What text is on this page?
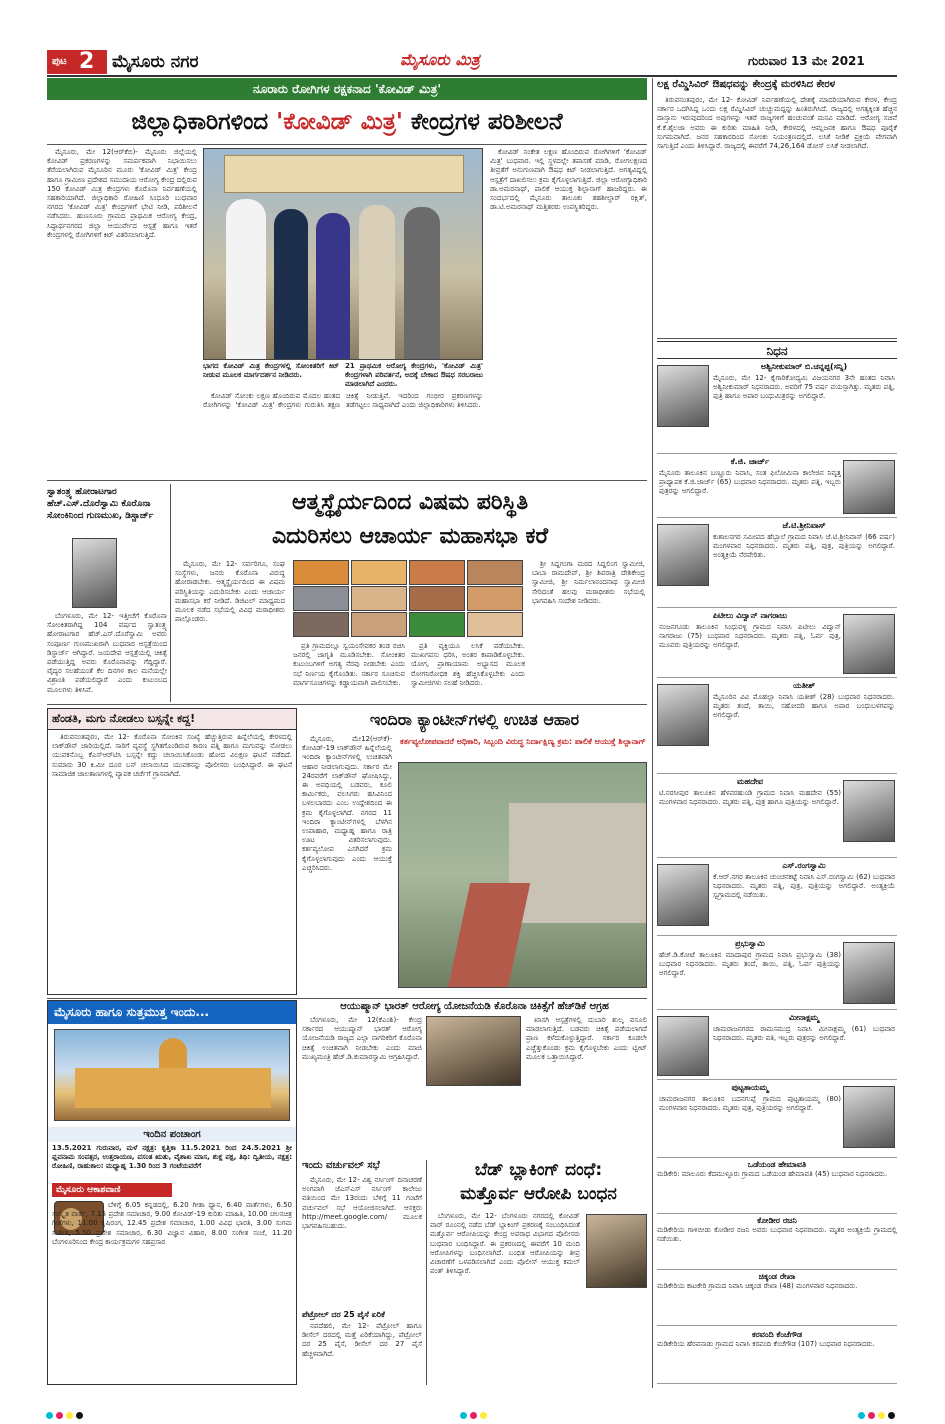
ಪುಟ 2 ಮೈಸೂರು ನಗರ	ಮೈಸೂರು ಮಿತ್ರ	ಗುರುವಾರ 13 ಮೇ 2021
ನೂರಾರು ರೋಗಿಗಳ ರಕ್ಷಕನಾದ 'ಕೋವಿಡ್ ಮಿತ್ರ'
ಜಿಲ್ಲಾಧಿಕಾರಿಗಳಿಂದ 'ಕೋವಿಡ್ ಮಿತ್ರ' ಕೇಂದ್ರಗಳ ಪರಿಶೀಲನೆ

ಮೈಸೂರು, ಮೇ 12(ಆರ್‌ಕೆಬಿ)- ಮೈಸೂರು ಜಿಲ್ಲೆಯಲ್ಲಿ ಕೋವಿಡ್ ಪ್ರಕರಣಗಳನ್ನು ಸಮರ್ಪಕವಾಗಿ ನಿಭಾಯಿಸಲು ತೆರೆಯಲಾಗಿರುವ ಮೈಸೂರಿನ ಮೂರು 'ಕೋವಿಡ್ ಮಿತ್ರ' ಕೇಂದ್ರ ಹಾಗೂ ಗ್ರಾಮೀಣ ಪ್ರದೇಶದ ಸಮುದಾಯ ಆರೋಗ್ಯ ಕೇಂದ್ರ ದಲ್ಲಿರುವ 150 ಕೋವಿಡ್ ಮಿತ್ರ ಕೇಂದ್ರಗಳು ಕೊರೊನಾ ನಿರ್ವಹಣೆಯಲ್ಲಿ ಸಹಕಾರಿಯಾಗಿದೆ. ಜಿಲ್ಲಾಧಿಕಾರಿ ರೋಹಿಣಿ ಸಿಂಧೂರಿ ಬುಧವಾರ ನಗರದ 'ಕೋವಿಡ್ ಮಿತ್ರ' ಕೇಂದ್ರಗಳಿಗೆ ಭೇಟಿ ನೀಡಿ, ಪರಿಶೀಲನೆ ನಡೆಸಿದರು. ಹುಣಸೂರು ಗ್ರಾಮದ ಪ್ರಾಥಮಿಕ ಆರೋಗ್ಯ ಕೇಂದ್ರ, ಸಿದ್ಧಾರ್ಥನಗರದ ಜಿಲ್ಲಾ ಆಯುರ್ವೇದ ಆಸ್ಪತ್ರೆ ಹಾಗೂ ಇತರೆ ಕೇಂದ್ರಗಳಲ್ಲಿ ರೋಗಿಗಳಿಗೆ ಕಿಟ್ ವಿತರಿಸಲಾಗುತ್ತಿದೆ.

ಭಾಗದ ಕೋವಿಡ್ ಮಿತ್ರ ಕೇಂದ್ರಗಳಲ್ಲಿ ಸೋಂಕಿತರಿಗೆ ಕಿಟ್ ನೀಡುವ ಮೂಲಕ ಮಾರ್ಗದರ್ಶನ ನೀಡಿದರು.

21 ಪ್ರಾಥಮಿಕ ಆರೋಗ್ಯ ಕೇಂದ್ರಗಳು, 'ಕೋವಿಡ್ ಮಿತ್ರ' ಕೇಂದ್ರಗಳಾಗಿ ಪರಿವರ್ತನೆ, ಅದಕ್ಕೆ ಬೇಕಾದ ಔಷಧ ಸರಬರಾಜು ಮಾಡಲಾಗಿದೆ ಎಂದರು.

ಕೋವಿಡ್ ಸೋಂಕು ಲಕ್ಷಣ ಹೊಂದಿರುವ ಮೊದಲ ಹಂತದ ರೋಗಿಗಳನ್ನು 'ಕೋವಿಡ್ ಮಿತ್ರ' ಕೇಂದ್ರಗಳು ಗುರುತಿಸಿ ತಕ್ಷಣ ಚಿಕಿತ್ಸೆ ನೀಡುತ್ತಿವೆ. ಇದರಿಂದ ಗಂಭೀರ ಪ್ರಕರಣಗಳನ್ನು ತಡೆಗಟ್ಟಲು ಸಾಧ್ಯವಾಗಿದೆ ಎಂದು ಜಿಲ್ಲಾಧಿಕಾರಿಗಳು ತಿಳಿಸಿದರು.

ಕೋವಿಡ್ ಸಂಕೇತ ಲಕ್ಷಣ ಹೊಂದಿರುವ ರೋಗಿಗಳಿಗೆ 'ಕೋವಿಡ್ ಮಿತ್ರ' ಬುಧವಾರ. ಇಲ್ಲಿ ಸ್ಥಳದಲ್ಲೇ ತಪಾಸಣೆ ಮಾಡಿ, ರೋಗಲಕ್ಷಣದ ತೀವ್ರತೆಗೆ ಅನುಗುಣವಾಗಿ ಔಷಧ ಕಿಟ್ ನೀಡಲಾಗುತ್ತಿದೆ. ಅಗತ್ಯವಿದ್ದಲ್ಲಿ ಆಸ್ಪತ್ರೆಗೆ ದಾಖಲಿಸಲು ಕ್ರಮ ಕೈಗೊಳ್ಳಲಾಗುತ್ತಿದೆ. ಜಿಲ್ಲಾ ಆರೋಗ್ಯಾಧಿಕಾರಿ ಡಾ.ಅಮರನಾಥ್, ಪಾಲಿಕೆ ಆಯುಕ್ತ ಶಿಲ್ಪಾನಾಗ್ ಹಾಜರಿದ್ದರು. ಈ ಸಂದರ್ಭದಲ್ಲಿ ಮೈಸೂರು ತಾಲೂಕು ತಹಶೀಲ್ದಾರ್ ರಕ್ಷಿತ್, ಡಾ.ಟಿ.ಅಮರನಾಥ್ ಮತ್ತಿತರರು ಉಪಸ್ಥಿತರಿದ್ದರು.

ಲಕ್ಷ ರೆಮ್ಡಿಸಿವಿರ್ ಔಷಧವನ್ನು ಕೇಂದ್ರಕ್ಕೆ ಮರಳಿಸಿದ ಕೇರಳ

ತಿರುವನಂತಪುರಂ, ಮೇ 12- ಕೋವಿಡ್ ನಿರ್ವಹಣೆಯಲ್ಲಿ ದೇಶಕ್ಕೆ ಮಾದರಿಯಾಗಿರುವ ಕೇರಳ, ಕೇಂದ್ರ ಸರ್ಕಾರ ಒದಗಿಸಿದ್ದ ಒಂದು ಲಕ್ಷ ರೆಮ್ಡಿಸಿವಿರ್ ಚುಚ್ಚುಮದ್ದನ್ನು ಹಿಂತಿರುಗಿಸಿದೆ. ರಾಜ್ಯದಲ್ಲಿ ಅಗತ್ಯಕ್ಕಿಂತ ಹೆಚ್ಚಿನ ದಾಸ್ತಾನು ಇರುವುದರಿಂದ ಅವುಗಳನ್ನು ಇತರೆ ರಾಜ್ಯಗಳಿಗೆ ಹಂಚುವಂತೆ ಮನವಿ ಮಾಡಿದೆ. ಆರೋಗ್ಯ ಸಚಿವೆ ಕೆ.ಕೆ.ಶೈಲಜಾ ಅವರು ಈ ಕುರಿತು ಮಾಹಿತಿ ನೀಡಿ, ಕೇರಳದಲ್ಲಿ ಆಮ್ಲಜನಕ ಹಾಗೂ ಔಷಧ ಪೂರೈಕೆ ಸುಗಮವಾಗಿದೆ. ಜನರ ಸಹಕಾರದಿಂದ ಸೋಂಕು ನಿಯಂತ್ರಣದಲ್ಲಿದೆ. ಲಸಿಕೆ ನೀಡಿಕೆ ಪ್ರಕ್ರಿಯೆ ವೇಗವಾಗಿ ಸಾಗುತ್ತಿದೆ ಎಂದು ತಿಳಿಸಿದ್ದಾರೆ. ರಾಜ್ಯದಲ್ಲಿ ಈವರೆಗೆ 74,26,164 ಡೋಸ್ ಲಸಿಕೆ ನೀಡಲಾಗಿದೆ.

ನಿಧನ
ಅಶ್ವಿನೀಕುಮಾರ್ ಬಿ.ಚನ್ನಪ್ಪ(ಸನ್ನಿ)
ಮೈಸೂರು, ಮೇ 12- ಕೈಗಾರಿಕೋದ್ಯಮಿ ವಿಜಯನಗರ 3ನೇ ಹಂತದ ನಿವಾಸಿ ಅಶ್ವಿನೀಕುಮಾರ್ ನಿಧನರಾದರು. ಅವರಿಗೆ 75 ವರ್ಷ ವಯಸ್ಸಾಗಿತ್ತು. ಮೃತರು ಪತ್ನಿ, ಪುತ್ರಿ ಹಾಗೂ ಅಪಾರ ಬಂಧುಮಿತ್ರರನ್ನು ಅಗಲಿದ್ದಾರೆ.
ಕೆ.ಜಿ. ಜಾರ್ಜ್
ಮೈಸೂರು ತಾಲೂಕಿನ ಬಣ್ಣೂರು ನಿವಾಸಿ, ಸಂತ ಫಿಲೋಮಿನಾ ಕಾಲೇಜಿನ ನಿವೃತ್ತ ಪ್ರಾಧ್ಯಾಪಕ ಕೆ.ಜಿ.ಜಾರ್ಜ್ (65) ಬುಧವಾರ ನಿಧನರಾದರು. ಮೃತರು ಪತ್ನಿ, ಇಬ್ಬರು ಪುತ್ರರನ್ನು ಅಗಲಿದ್ದಾರೆ.
ಜೆ.ಟಿ.ಶ್ರೀನಿವಾಸ್
ಕುಶಾಲನಗರ ಸಮೀಪದ ಹೆಬ್ಬಾಲೆ ಗ್ರಾಮದ ನಿವಾಸಿ ಜೆ.ಟಿ.ಶ್ರೀನಿವಾಸ್ (66 ವರ್ಷ) ಮಂಗಳವಾರ ನಿಧನರಾದರು. ಮೃತರು ಪತ್ನಿ, ಪುತ್ರ, ಪುತ್ರಿಯನ್ನು ಅಗಲಿದ್ದಾರೆ. ಅಂತ್ಯಕ್ರಿಯೆ ನೆರವೇರಿತು.
ಪಿಟೀಲು ವಿದ್ವಾನ್ ನಾಗರಾಜು
ನಂಜನಗೂಡು ತಾಲೂಕಿನ ಸಿಂಧುವಳ್ಳಿ ಗ್ರಾಮದ ನಿವಾಸಿ ಪಿಟೀಲು ವಿದ್ವಾನ್ ನಾಗರಾಜು (75) ಬುಧವಾರ ನಿಧನರಾದರು. ಮೃತರು ಪತ್ನಿ, ಓರ್ವ ಪುತ್ರ, ಮೂವರು ಪುತ್ರಿಯರನ್ನು ಅಗಲಿದ್ದಾರೆ.
ಯತೀಶ್
ಮೈಸೂರಿನ ವಿವಿ ಮೊಹಲ್ಲಾ ನಿವಾಸಿ ಯತೀಶ್ (28) ಬುಧವಾರ ನಿಧನರಾದರು. ಮೃತರು ತಂದೆ, ತಾಯಿ, ಸಹೋದರಿ ಹಾಗೂ ಅಪಾರ ಬಂಧುಬಳಗವನ್ನು ಅಗಲಿದ್ದಾರೆ.
ಮಹದೇವ
ಟಿ.ನರಸೀಪುರ ತಾಲೂಕಿನ ಹೆಳವರಹುಂಡಿ ಗ್ರಾಮದ ನಿವಾಸಿ ಮಹದೇವ (55) ಮಂಗಳವಾರ ನಿಧನರಾದರು. ಮೃತರು ಪತ್ನಿ, ಪುತ್ರ ಹಾಗೂ ಪುತ್ರಿಯನ್ನು ಅಗಲಿದ್ದಾರೆ.
ಎಸ್.ರಂಗಸ್ವಾಮಿ
ಕೆ.ಆರ್.ನಗರ ತಾಲೂಕಿನ ಚುಂಚನಕಟ್ಟೆ ನಿವಾಸಿ ಎಸ್.ರಂಗಸ್ವಾಮಿ (62) ಬುಧವಾರ ನಿಧನರಾದರು. ಮೃತರು ಪತ್ನಿ, ಪುತ್ರ, ಪುತ್ರಿಯನ್ನು ಅಗಲಿದ್ದಾರೆ. ಅಂತ್ಯಕ್ರಿಯೆ ಸ್ವಗ್ರಾಮದಲ್ಲಿ ನಡೆಯಿತು.
ಪ್ರಭುಸ್ವಾಮಿ
ಹೆಚ್.ಡಿ.ಕೋಟೆ ತಾಲೂಕಿನ ಮಾದಾಪುರ ಗ್ರಾಮದ ನಿವಾಸಿ ಪ್ರಭುಸ್ವಾಮಿ (38) ಬುಧವಾರ ನಿಧನರಾದರು. ಮೃತರು ತಂದೆ, ತಾಯಿ, ಪತ್ನಿ, ಓರ್ವ ಪುತ್ರಿಯನ್ನು ಅಗಲಿದ್ದಾರೆ.
ಮೀನಾಕ್ಷಮ್ಮ
ಚಾಮರಾಜನಗರದ ರಾಮಸಮುದ್ರ ನಿವಾಸಿ ಮೀನಾಕ್ಷಮ್ಮ (61) ಬುಧವಾರ ನಿಧನರಾದರು. ಮೃತರು ಪತಿ, ಇಬ್ಬರು ಪುತ್ರರನ್ನು ಅಗಲಿದ್ದಾರೆ.
ಪುಟ್ಟತಾಯಮ್ಮ
ಚಾಮರಾಜನಗರ ತಾಲೂಕಿನ ಬದನಗುಪ್ಪೆ ಗ್ರಾಮದ ಪುಟ್ಟತಾಯಮ್ಮ (80) ಮಂಗಳವಾರ ನಿಧನರಾದರು. ಮೃತರು ಪುತ್ರ, ಪುತ್ರಿಯರನ್ನು ಅಗಲಿದ್ದಾರೆ.
ಒಡೆಯಂಡ ಹೇಮಾವತಿ
ಮಡಿಕೇರಿ: ಮಾಲೂರು ಕೆದಮುಳ್ಳೂರು ಗ್ರಾಮದ ಒಡೆಯಂಡ ಹೇಮಾವತಿ (45) ಬುಧವಾರ ನಿಧನರಾದರು.
ಕೋಡೀರ ರಜನಿ
ಮಡಿಕೇರಿಯ ಗಾಳಿಬೀಡು ಕೋಡೀರ ರಜನಿ ಅವರು ಬುಧವಾರ ನಿಧನರಾದರು. ಮೃತರ ಅಂತ್ಯಕ್ರಿಯೆ ಗ್ರಾಮದಲ್ಲಿ ನಡೆಯಿತು.
ಚಿಕ್ಕಂಡ ರೇಖಾ
ಮಡಿಕೇರಿಯ ಕಾಟಕೇರಿ ಗ್ರಾಮದ ನಿವಾಸಿ ಚಿಕ್ಕಂಡ ರೇಖಾ (48) ಮಂಗಳವಾರ ನಿಧನರಾದರು.
ಕರವಂದಿ ಕೆಂಚೆಗೌಡ
ಮಡಿಕೇರಿಯ ಹೆರವನಾಡು ಗ್ರಾಮದ ನಿವಾಸಿ ಕರವಂದಿ ಕೆಂಚೆಗೌಡ (107) ಬುಧವಾರ ನಿಧನರಾದರು.
ಸ್ವಾತಂತ್ರ್ಯ ಹೋರಾಟಗಾರ ಹೆಚ್.ಎಸ್.ದೊರೆಸ್ವಾಮಿ ಕೊರೊನಾ ಸೋಂಕಿನಿಂದ ಗುಣಮುಖ, ಡಿಸ್ಚಾರ್ಜ್

ಬೆಂಗಳೂರು, ಮೇ 12- ಇತ್ತೀಚೆಗೆ ಕೊರೊನಾ ಸೋಂಕಿತರಾಗಿದ್ದ 104 ವರ್ಷದ ಸ್ವಾತಂತ್ರ್ಯ ಹೋರಾಟಗಾರ ಹೆಚ್.ಎಸ್.ದೊರೆಸ್ವಾಮಿ ಅವರು ಸಂಪೂರ್ಣ ಗುಣಮುಖರಾಗಿ ಬುಧವಾರ ಆಸ್ಪತ್ರೆಯಿಂದ ಡಿಸ್ಚಾರ್ಜ್ ಆಗಿದ್ದಾರೆ. ಜಯದೇವ ಆಸ್ಪತ್ರೆಯಲ್ಲಿ ಚಿಕಿತ್ಸೆ ಪಡೆಯುತ್ತಿದ್ದ ಅವರು ಕೊರೊನಾವನ್ನು ಗೆದ್ದಿದ್ದಾರೆ. ವೈದ್ಯರ ಸಲಹೆಯಂತೆ ಕೆಲ ದಿನಗಳ ಕಾಲ ಮನೆಯಲ್ಲೇ ವಿಶ್ರಾಂತಿ ಪಡೆಯಲಿದ್ದಾರೆ ಎಂದು ಕುಟುಂಬದ ಮೂಲಗಳು ತಿಳಿಸಿವೆ.

ಆತ್ಮಸ್ಥೈರ್ಯದಿಂದ ವಿಷಮ ಪರಿಸ್ಥಿತಿ
ಎದುರಿಸಲು ಆಚಾರ್ಯ ಮಹಾಸಭಾ ಕರೆ

ಮೈಸೂರು, ಮೇ 12- ಸರ್ವರಿಗೂ, ಸಂಘ ಸಂಸ್ಥೆಗಳು, ಜನರು ಕೊರೊನಾ ವಿರುದ್ಧ ಹೋರಾಡಬೇಕು. ಆತ್ಮಸ್ಥೈರ್ಯದಿಂದ ಈ ವಿಷಮ ಪರಿಸ್ಥಿತಿಯನ್ನು ಎದುರಿಸಬೇಕು ಎಂದು ಆಚಾರ್ಯ ಮಹಾಸಭಾ ಕರೆ ನೀಡಿದೆ. ಡಿಜಿಟಲ್ ಮಾಧ್ಯಮದ ಮೂಲಕ ನಡೆದ ಸಭೆಯಲ್ಲಿ ವಿವಿಧ ಮಠಾಧೀಶರು ಪಾಲ್ಗೊಂಡರು.

ಪ್ರತಿ ಗ್ರಾಮದಲ್ಲೂ ಸ್ವಯಂಸೇವಕರ ತಂಡ ರಚಿಸಿ ಜನರಲ್ಲಿ ಜಾಗೃತಿ ಮೂಡಿಸಬೇಕು. ಸೋಂಕಿತರ ಕುಟುಂಬಗಳಿಗೆ ಅಗತ್ಯ ನೆರವು ನೀಡಬೇಕು ಎಂದು ಸಭೆ ನಿರ್ಣಯ ಕೈಗೊಂಡಿತು. ಸರ್ಕಾರ ಸೂಚಿಸುವ ಮಾರ್ಗಸೂಚಿಗಳನ್ನು ಕಡ್ಡಾಯವಾಗಿ ಪಾಲಿಸಬೇಕು.

ಪ್ರತಿ ವ್ಯಕ್ತಿಯೂ ಲಸಿಕೆ ಪಡೆಯಬೇಕು. ಮುಖಗವಸು ಧರಿಸಿ, ಅಂತರ ಕಾಪಾಡಿಕೊಳ್ಳಬೇಕು. ಯೋಗ, ಪ್ರಾಣಾಯಾಮ ಅಭ್ಯಾಸದ ಮೂಲಕ ರೋಗನಿರೋಧಕ ಶಕ್ತಿ ಹೆಚ್ಚಿಸಿಕೊಳ್ಳಬೇಕು ಎಂದು ಸ್ವಾಮೀಜಿಗಳು ಸಲಹೆ ನೀಡಿದರು.

ಶ್ರೀ ಸಿದ್ದಗಂಗಾ ಮಠದ ಸಿದ್ದಲಿಂಗ ಸ್ವಾಮೀಜಿ, ಬಾಬಾ ರಾಮದೇವ್, ಶ್ರೀ ಶಿವರಾತ್ರಿ ದೇಶಿಕೇಂದ್ರ ಸ್ವಾಮೀಜಿ, ಶ್ರೀ ನಿರ್ಮಲಾನಂದನಾಥ ಸ್ವಾಮೀಜಿ ಸೇರಿದಂತೆ ಹಲವು ಮಠಾಧೀಶರು ಸಭೆಯಲ್ಲಿ ಭಾಗವಹಿಸಿ ಸಂದೇಶ ನೀಡಿದರು.

ಹೆಂಡತಿ, ಮಗು ನೋಡಲು ಬಸ್ಸನ್ನೇ ಕದ್ದ!

ತಿರುವನಂತಪುರಂ, ಮೇ 12- ಕೊರೊನಾ ಸೋಂಕಿನ ಸಂಖ್ಯೆ ಹೆಚ್ಚುತ್ತಿರುವ ಹಿನ್ನೆಲೆಯಲ್ಲಿ ಕೇರಳದಲ್ಲಿ ಲಾಕ್‌ಡೌನ್ ಜಾರಿಯಲ್ಲಿದೆ. ಸಾರಿಗೆ ವ್ಯವಸ್ಥೆ ಸ್ಥಗಿತಗೊಂಡಿರುವ ಕಾರಣ ಪತ್ನಿ ಹಾಗೂ ಮಗುವನ್ನು ನೋಡಲು ಯುವಕನೊಬ್ಬ ಕೆಎಸ್‌ಆರ್‌ಟಿಸಿ ಬಸ್ಸನ್ನೇ ಕದ್ದು ಚಲಾಯಿಸಿಕೊಂಡು ಹೋದ ವಿಲಕ್ಷಣ ಘಟನೆ ನಡೆದಿದೆ. ಸುಮಾರು 30 ಕಿ.ಮೀ ದೂರ ಬಸ್ ಚಲಾಯಿಸಿದ ಯುವಕನನ್ನು ಪೊಲೀಸರು ಬಂಧಿಸಿದ್ದಾರೆ. ಈ ಘಟನೆ ಸಾಮಾಜಿಕ ಜಾಲತಾಣಗಳಲ್ಲಿ ವ್ಯಾಪಕ ಚರ್ಚೆಗೆ ಗ್ರಾಸವಾಗಿದೆ.

ಇಂದಿರಾ ಕ್ಯಾಂಟೀನ್‌ಗಳಲ್ಲಿ ಉಚಿತ ಆಹಾರ

ಮೈಸೂರು, ಮೇ12(ಆರ್‌ಕೆ)- ಕೋವಿಡ್-19 ಲಾಕ್‌ಡೌನ್ ಹಿನ್ನೆಲೆಯಲ್ಲಿ ಇಂದಿರಾ ಕ್ಯಾಂಟೀನ್‌ಗಳಲ್ಲಿ ಉಚಿತವಾಗಿ ಆಹಾರ ನೀಡಲಾಗುವುದು. ಸರ್ಕಾರ ಮೇ 24ರವರೆಗೆ ಲಾಕ್‌ಡೌನ್ ಘೋಷಿಸಿದ್ದು, ಈ ಅವಧಿಯಲ್ಲಿ ಬಡವರು, ಕೂಲಿ ಕಾರ್ಮಿಕರು, ವಲಸಿಗರು ಹಸಿವಿನಿಂದ ಬಳಲಬಾರದು ಎಂಬ ಉದ್ದೇಶದಿಂದ ಈ ಕ್ರಮ ಕೈಗೊಳ್ಳಲಾಗಿದೆ. ನಗರದ 11 ಇಂದಿರಾ ಕ್ಯಾಂಟೀನ್‌ಗಳಲ್ಲಿ ಬೆಳಗಿನ ಉಪಾಹಾರ, ಮಧ್ಯಾಹ್ನ ಹಾಗೂ ರಾತ್ರಿ ಊಟ ವಿತರಿಸಲಾಗುವುದು. ಕರ್ತವ್ಯಲೋಪ ಎಸಗಿದರೆ ಕ್ರಮ ಕೈಗೊಳ್ಳಲಾಗುವುದು ಎಂದು ಆಯುಕ್ತೆ ಎಚ್ಚರಿಸಿದರು.

ಕರ್ತವ್ಯಲೋಪವಾದರೆ ಅಧಿಕಾರಿ, ಸಿಬ್ಬಂದಿ ವಿರುದ್ಧ ನಿರ್ದಾಕ್ಷಿಣ್ಯ ಕ್ರಮ: ಪಾಲಿಕೆ ಆಯುಕ್ತೆ ಶಿಲ್ಪಾನಾಗ್
ಆಯುಷ್ಮಾನ್ ಭಾರತ್ ಆರೋಗ್ಯ ಯೋಜನೆಯಡಿ ಕೊರೊನಾ ಚಿಕಿತ್ಸೆಗೆ ಹೆಚ್‌ಡಿಕೆ ಆಗ್ರಹ

ಬೆಂಗಳೂರು, ಮೇ 12(ಕೆಎಂಶಿ)- ಕೇಂದ್ರ ಸರ್ಕಾರದ ಆಯುಷ್ಮಾನ್ ಭಾರತ್ ಆರೋಗ್ಯ ಯೋಜನೆಯಡಿ ರಾಜ್ಯದ ಎಲ್ಲಾ ನಾಗರಿಕರಿಗೆ ಕೊರೊನಾ ಚಿಕಿತ್ಸೆ ಉಚಿತವಾಗಿ ನೀಡಬೇಕು ಎಂದು ಮಾಜಿ ಮುಖ್ಯಮಂತ್ರಿ ಹೆಚ್.ಡಿ.ಕುಮಾರಸ್ವಾಮಿ ಆಗ್ರಹಿಸಿದ್ದಾರೆ.

ಖಾಸಗಿ ಆಸ್ಪತ್ರೆಗಳಲ್ಲಿ ದುಬಾರಿ ಶುಲ್ಕ ವಸೂಲಿ ಮಾಡಲಾಗುತ್ತಿದೆ. ಬಡವರು ಚಿಕಿತ್ಸೆ ಪಡೆಯಲಾಗದೆ ಪ್ರಾಣ ಕಳೆದುಕೊಳ್ಳುತ್ತಿದ್ದಾರೆ. ಸರ್ಕಾರ ಕೂಡಲೇ ಎಚ್ಚೆತ್ತುಕೊಂಡು ಕ್ರಮ ಕೈಗೊಳ್ಳಬೇಕು ಎಂದು ಟ್ವೀಟ್ ಮೂಲಕ ಒತ್ತಾಯಿಸಿದ್ದಾರೆ.

ಮೈಸೂರು ಹಾಗೂ ಸುತ್ತಮುತ್ತ ಇಂದು...
ಇಂದಿನ ಪಂಚಾಂಗ

13.5.2021 ಗುರುವಾರ, ಮಳೆ ನಕ್ಷತ್ರ: ಕೃತ್ತಿಕಾ 11.5.2021 ರಿಂದ 24.5.2021 ಶ್ರೀ ಪ್ಲವನಾಮ ಸಂವತ್ಸರ, ಉತ್ತರಾಯಣ, ವಸಂತ ಋತು, ವೈಶಾಖ ಮಾಸ, ಶುಕ್ಲ ಪಕ್ಷ, ತಿಥಿ: ದ್ವಿತೀಯ, ನಕ್ಷತ್ರ: ರೋಹಿಣಿ, ರಾಹುಕಾಲ: ಮಧ್ಯಾಹ್ನ 1.30 ರಿಂದ 3 ಗಂಟೆಯವರೆಗೆ

ಮೈಸೂರು ಆಕಾಶವಾಣಿ

ಬೆಳಿಗ್ಗೆ 6.05 ಕನ್ನಡದಲ್ಲಿ, 6.20 ಗೀತಾ ಧ್ಯಾನ, 6.40 ವಾರ್ತೆಗಳು, 6.50 ಸಂಸ್ಕೃತ ವಾರ್ತೆ, 7.15 ಪ್ರದೇಶ ಸಮಾಚಾರ, 9.00 ಕೋವಿಡ್-19 ಕುರಿತು ಮಾಹಿತಿ, 10.00 ಚಲನಚಿತ್ರ ಗೀತೆಗಳು, 11.00 ಕೃಷಿರಂಗ, 12.45 ಪ್ರದೇಶ ಸಮಾಚಾರ, 1.00 ವಿವಿಧ ಭಾರತಿ, 3.00 ಸುಗಮ ಸಂಗೀತ, 5.50 ಪ್ರದೇಶ ಸಮಾಚಾರ, 6.30 ವಿಜ್ಞಾನ ವಿಹಾರ, 8.00 ಸಂಗೀತ ಸಂಜೆ, 11.20 ಬೆಂಗಳೂರಿನಿಂದ ಕೇಂದ್ರ ಕಾರ್ಯಕ್ರಮಗಳ ಸಹಪ್ರಸಾರ

ಇಂದು ವರ್ಚುವಲ್ ಸಭೆ

ಮೈಸೂರು, ಮೇ 12- ವಿಶ್ವ ನರ್ಸಿಂಗ್ ದಿನಾಚರಣೆ ಅಂಗವಾಗಿ ಜೆಎಸ್‌ಎಸ್ ನರ್ಸಿಂಗ್ ಕಾಲೇಜು ವತಿಯಿಂದ ಮೇ 13ರಂದು ಬೆಳಿಗ್ಗೆ 11 ಗಂಟೆಗೆ ವರ್ಚುವಲ್ ಸಭೆ ಆಯೋಜಿಸಲಾಗಿದೆ. ಆಸಕ್ತರು http://meet.google.com/ ಮೂಲಕ ಭಾಗವಹಿಸಬಹುದು.

ಪೆಟ್ರೋಲ್ ದರ 25 ಪೈಸೆ ಏರಿಕೆ

ನವದೆಹಲಿ, ಮೇ 12- ಪೆಟ್ರೋಲ್ ಹಾಗೂ ಡೀಸೆಲ್ ದರದಲ್ಲಿ ಮತ್ತೆ ಏರಿಕೆಯಾಗಿದ್ದು, ಪೆಟ್ರೋಲ್ ದರ 25 ಪೈಸೆ, ಡೀಸೆಲ್ ದರ 27 ಪೈಸೆ ಹೆಚ್ಚಳವಾಗಿದೆ.

ಬೆಡ್ ಬ್ಲಾಕಿಂಗ್ ದಂಧೆ:
ಮತ್ತೊರ್ವ ಆರೋಪಿ ಬಂಧನ

ಬೆಂಗಳೂರು, ಮೇ 12- ಬೆಂಗಳೂರು ನಗರದಲ್ಲಿ ಕೋವಿಡ್ ವಾರ್ ರೂಂನಲ್ಲಿ ನಡೆದ ಬೆಡ್ ಬ್ಲಾಕಿಂಗ್ ಪ್ರಕರಣಕ್ಕೆ ಸಂಬಂಧಿಸಿದಂತೆ ಮತ್ತೊರ್ವ ಆರೋಪಿಯನ್ನು ಕೇಂದ್ರ ಅಪರಾಧ ವಿಭಾಗದ ಪೊಲೀಸರು ಬುಧವಾರ ಬಂಧಿಸಿದ್ದಾರೆ. ಈ ಪ್ರಕರಣದಲ್ಲಿ ಈವರೆಗೆ 10 ಮಂದಿ ಆರೋಪಿಗಳನ್ನು ಬಂಧಿಸಲಾಗಿದೆ. ಬಂಧಿತ ಆರೋಪಿಯನ್ನು ತೀವ್ರ ವಿಚಾರಣೆಗೆ ಒಳಪಡಿಸಲಾಗಿದೆ ಎಂದು ಪೊಲೀಸ್ ಆಯುಕ್ತ ಕಮಲ್ ಪಂತ್ ತಿಳಿಸಿದ್ದಾರೆ.
